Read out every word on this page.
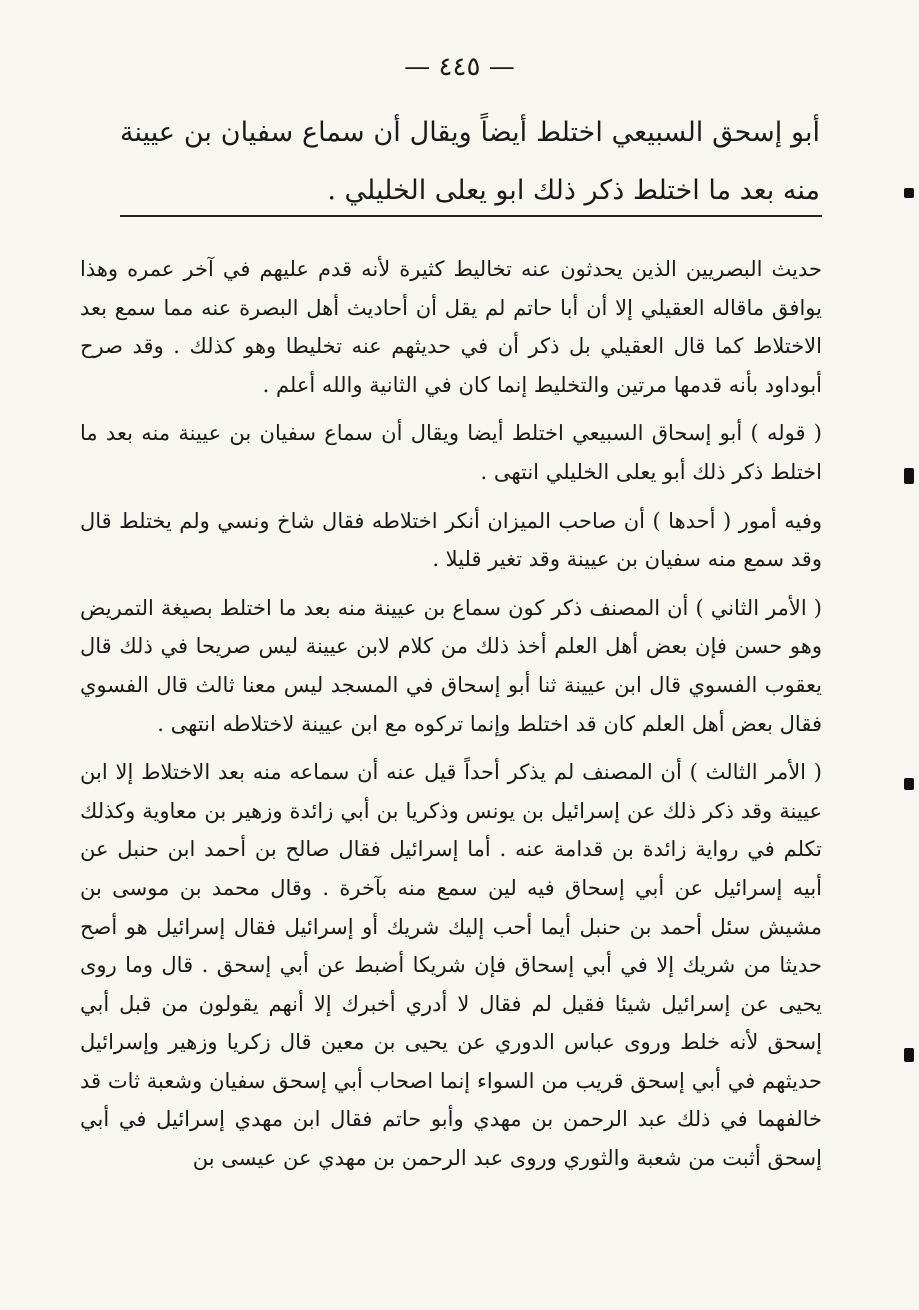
— ٤٤٥ —

أبو إسحق السبيعي اختلط أيضاً ويقال أن سماع سفيان بن عيينة منه بعد ما اختلط ذكر ذلك ابو يعلى الخليلي .

حديث البصريين الذين يحدثون عنه تخاليط كثيرة لأنه قدم عليهم في آخر عمره وهذا يوافق ماقاله العقيلي إلا أن أبا حاتم لم يقل أن أحاديث أهل البصرة عنه مما سمع بعد الاختلاط كما قال العقيلي بل ذكر أن في حديثهم عنه تخليطا وهو كذلك . وقد صرح أبوداود بأنه قدمها مرتين والتخليط إنما كان في الثانية والله أعلم .

( قوله ) أبو إسحاق السبيعي اختلط أيضا ويقال أن سماع سفيان بن عيينة منه بعد ما اختلط ذكر ذلك أبو يعلى الخليلي انتهى .

وفيه أمور ( أحدها ) أن صاحب الميزان أنكر اختلاطه فقال شاخ ونسي ولم يختلط قال وقد سمع منه سفيان بن عيينة وقد تغير قليلا .

( الأمر الثاني ) أن المصنف ذكر كون سماع بن عيينة منه بعد ما اختلط بصيغة التمريض وهو حسن فإن بعض أهل العلم أخذ ذلك من كلام لابن عيينة ليس صريحا في ذلك قال يعقوب الفسوي قال ابن عيينة ثنا أبو إسحاق في المسجد ليس معنا ثالث قال الفسوي فقال بعض أهل العلم كان قد اختلط وإنما تركوه مع ابن عيينة لاختلاطه انتهى .

( الأمر الثالث ) أن المصنف لم يذكر أحداً قيل عنه أن سماعه منه بعد الاختلاط إلا ابن عيينة وقد ذكر ذلك عن إسرائيل بن يونس وذكريا بن أبي زائدة وزهير بن معاوية وكذلك تكلم في رواية زائدة بن قدامة عنه . أما إسرائيل فقال صالح بن أحمد ابن حنبل عن أبيه إسرائيل عن أبي إسحاق فيه لين سمع منه بآخرة . وقال محمد بن موسى بن مشيش سئل أحمد بن حنبل أيما أحب إليك شريك أو إسرائيل فقال إسرائيل هو أصح حديثا من شريك إلا في أبي إسحاق فإن شريكا أضبط عن أبي إسحق . قال وما روى يحيى عن إسرائيل شيئا فقيل لم فقال لا أدري أخبرك إلا أنهم يقولون من قبل أبي إسحق لأنه خلط وروى عباس الدوري عن يحيى بن معين قال زكريا وزهير وإسرائيل حديثهم في أبي إسحق قريب من السواء إنما اصحاب أبي إسحق سفيان وشعبة ثات قد خالفهما في ذلك عبد الرحمن بن مهدي وأبو حاتم فقال ابن مهدي إسرائيل في أبي إسحق أثبت من شعبة والثوري وروى عبد الرحمن بن مهدي عن عيسى بن
